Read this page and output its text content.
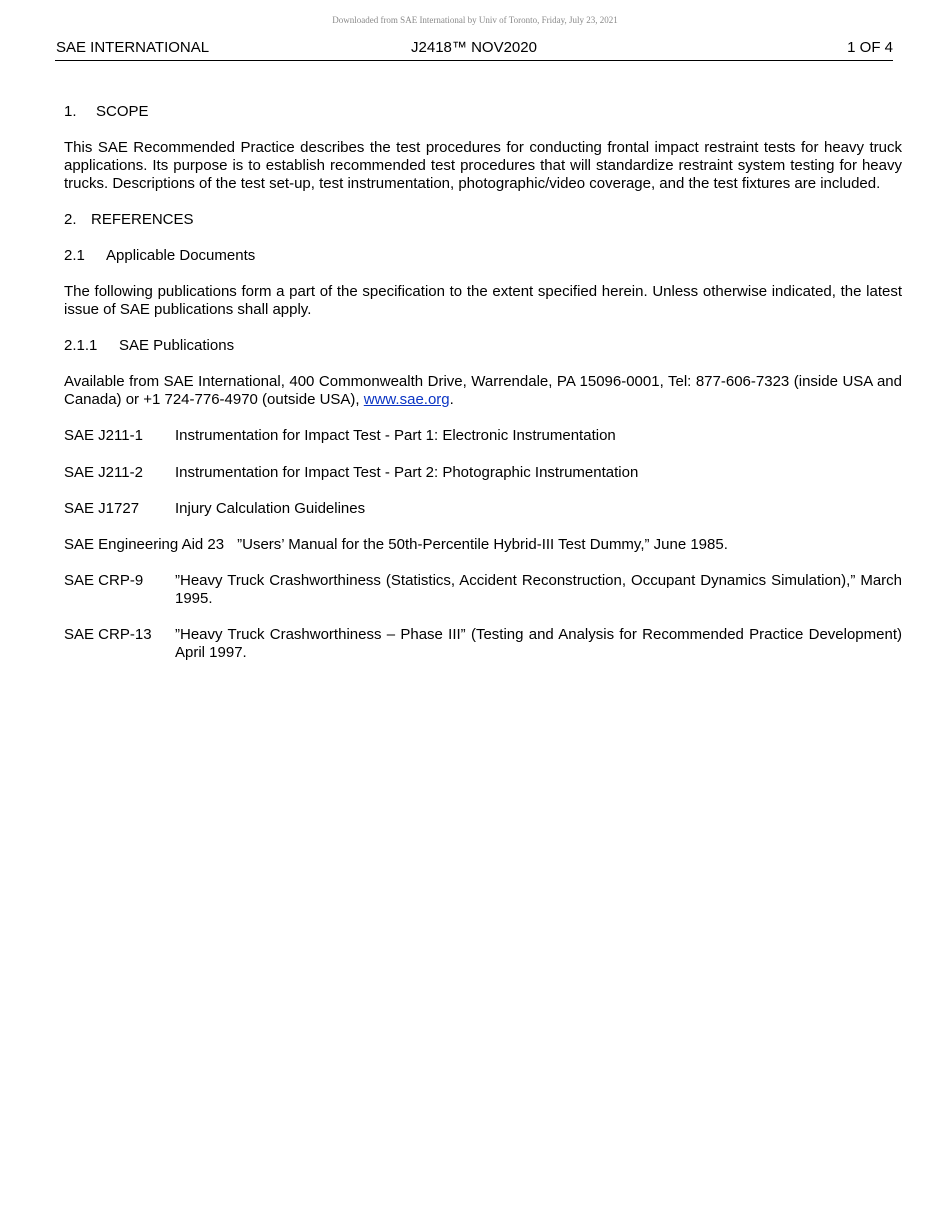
Downloaded from SAE International by Univ of Toronto, Friday, July 23, 2021
SAE INTERNATIONAL	J2418™ NOV2020	1 OF 4
1. SCOPE

This SAE Recommended Practice describes the test procedures for conducting frontal impact restraint tests for heavy truck applications. Its purpose is to establish recommended test procedures that will standardize restraint system testing for heavy trucks. Descriptions of the test set-up, test instrumentation, photographic/video coverage, and the test fixtures are included.

2. REFERENCES
2.1 Applicable Documents

The following publications form a part of the specification to the extent specified herein. Unless otherwise indicated, the latest issue of SAE publications shall apply.

2.1.1 SAE Publications

Available from SAE International, 400 Commonwealth Drive, Warrendale, PA 15096-0001, Tel: 877-606-7323 (inside USA and Canada) or +1 724-776-4970 (outside USA), www.sae.org.

SAE J211-1	Instrumentation for Impact Test - Part 1: Electronic Instrumentation
SAE J211-2	Instrumentation for Impact Test - Part 2: Photographic Instrumentation
SAE J1727	Injury Calculation Guidelines
SAE Engineering Aid 23 ”Users’ Manual for the 50th-Percentile Hybrid-III Test Dummy,” June 1985.
SAE CRP-9	”Heavy Truck Crashworthiness (Statistics, Accident Reconstruction, Occupant Dynamics Simulation),” March 1995.
SAE CRP-13	”Heavy Truck Crashworthiness – Phase III” (Testing and Analysis for Recommended Practice Development) April 1997.
